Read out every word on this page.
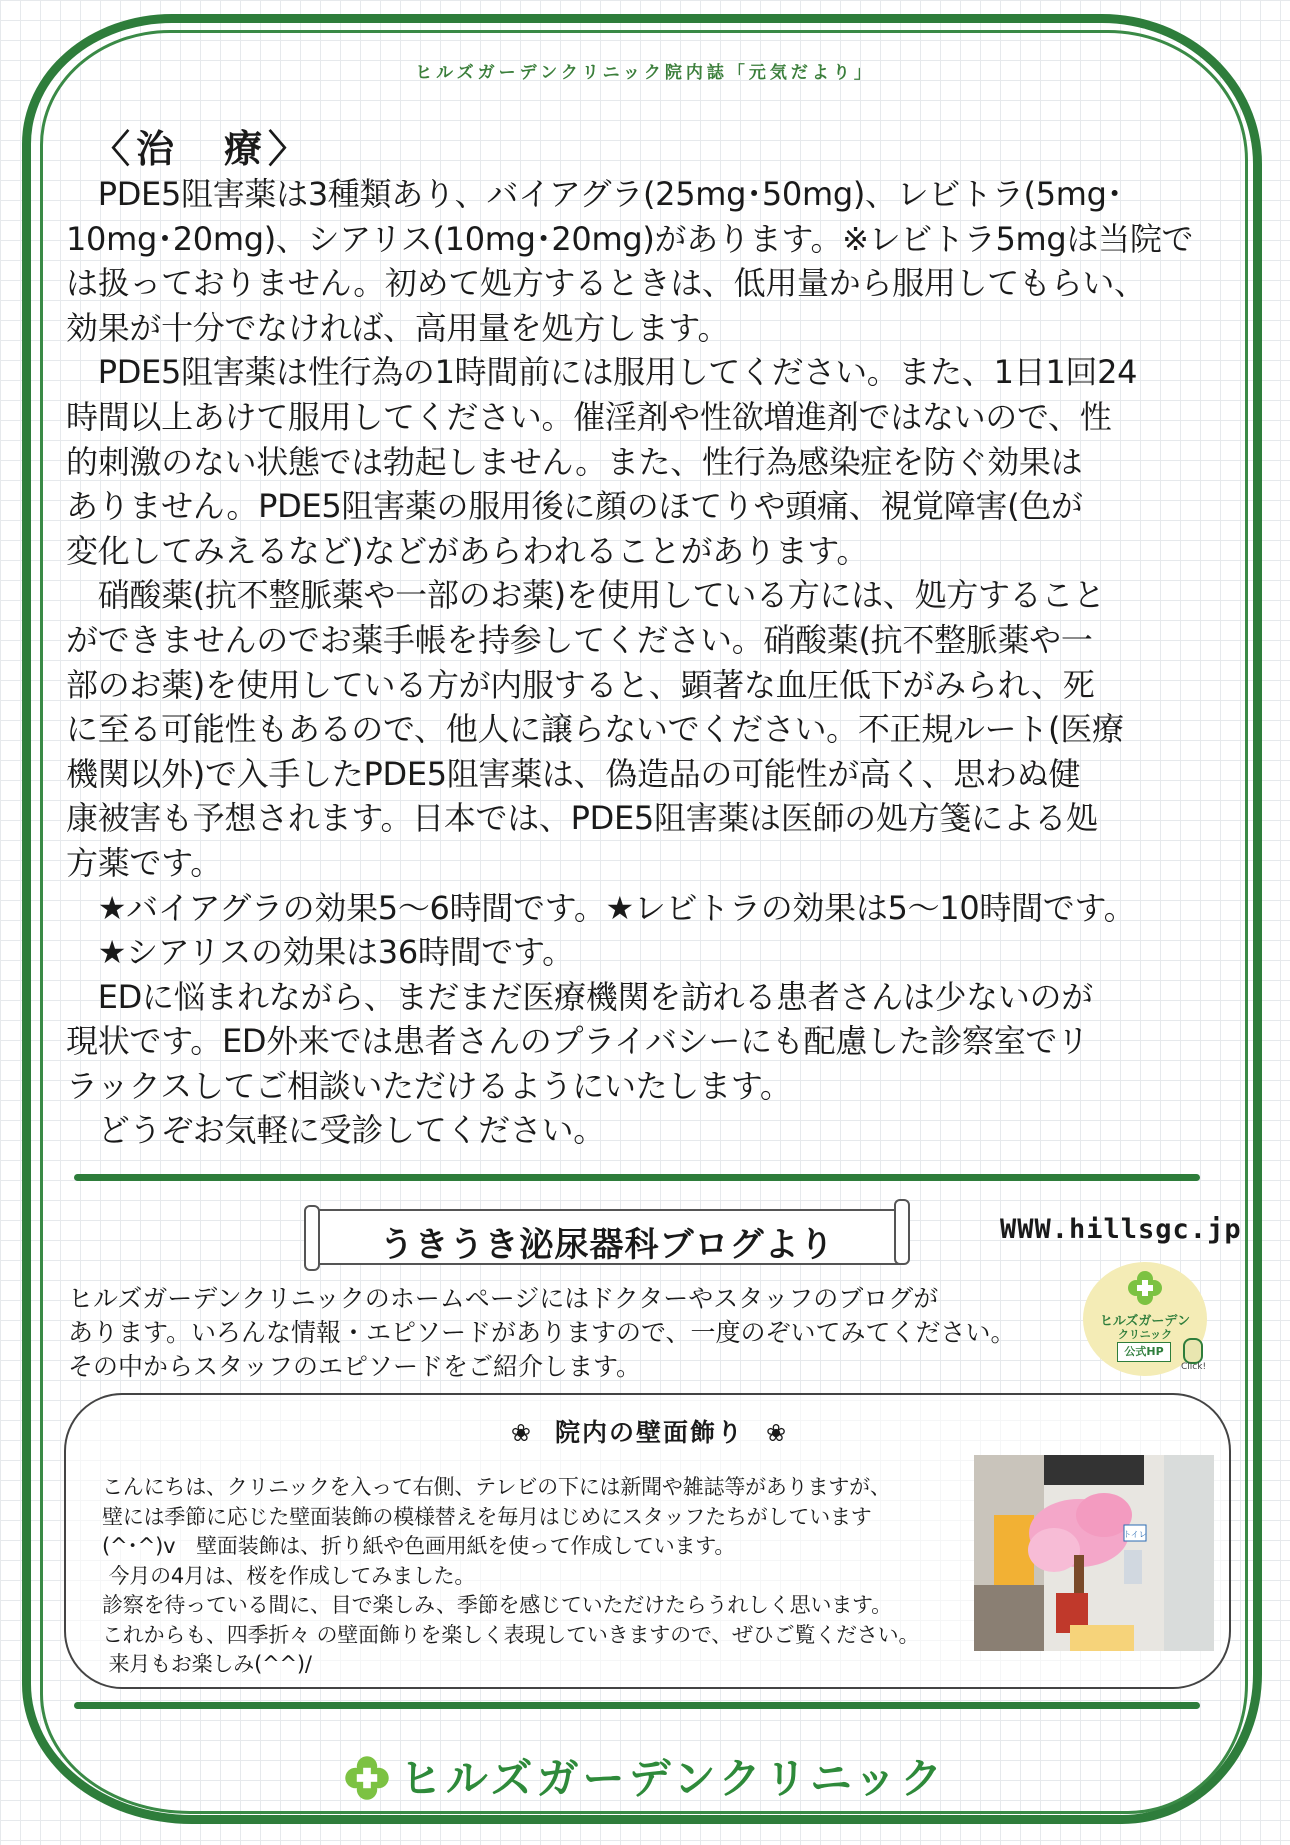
ヒルズガーデンクリニック院内誌「元気だより」
〈治　療〉

　PDE5阻害薬は3種類あり、バイアグラ(25mg･50mg)、レビトラ(5mg･

10mg･20mg)、シアリス(10mg･20mg)があります。※レビトラ5mgは当院で

は扱っておりません。初めて処方するときは、低用量から服用してもらい、

効果が十分でなければ、高用量を処方します。

　PDE5阻害薬は性行為の1時間前には服用してください。また、1日1回24

時間以上あけて服用してください。催淫剤や性欲増進剤ではないので、性

的刺激のない状態では勃起しません。また、性行為感染症を防ぐ効果は

ありません。PDE5阻害薬の服用後に顔のほてりや頭痛、視覚障害(色が

変化してみえるなど)などがあらわれることがあります。

　硝酸薬(抗不整脈薬や一部のお薬)を使用している方には、処方すること

ができませんのでお薬手帳を持参してください。硝酸薬(抗不整脈薬や一

部のお薬)を使用している方が内服すると、顕著な血圧低下がみられ、死

に至る可能性もあるので、他人に譲らないでください。不正規ルート(医療

機関以外)で入手したPDE5阻害薬は、偽造品の可能性が高く、思わぬ健

康被害も予想されます。日本では、PDE5阻害薬は医師の処方箋による処

方薬です。

　★バイアグラの効果5～6時間です。★レビトラの効果は5～10時間です。

　★シアリスの効果は36時間です。

　EDに悩まれながら、まだまだ医療機関を訪れる患者さんは少ないのが

現状です。ED外来では患者さんのプライバシーにも配慮した診察室でリ

ラックスしてご相談いただけるようにいたします。

　どうぞお気軽に受診してください。

うきうき泌尿器科ブログより	WWW.hillsgc.jp

ヒルズガーデンクリニックのホームページにはドクターやスタッフのブログが

あります。いろんな情報・エピソードがありますので、一度のぞいてみてください。

その中からスタッフのエピソードをご紹介します。

ヒルズガーデン
クリニック
公式HP
Click!
❀ 院内の壁面飾り ❀

こんにちは、クリニックを入って右側、テレビの下には新聞や雑誌等がありますが、

壁には季節に応じた壁面装飾の模様替えを毎月はじめにスタッフたちがしています

(^･^)v　壁面装飾は、折り紙や色画用紙を使って作成しています。

今月の4月は、桜を作成してみました。

診察を待っている間に、目で楽しみ、季節を感じていただけたらうれしく思います。

これからも、四季折々 の壁面飾りを楽しく表現していきますので、ぜひご覧ください。

来月もお楽しみ(^^)/

トイレ
ヒルズガーデンクリニック
